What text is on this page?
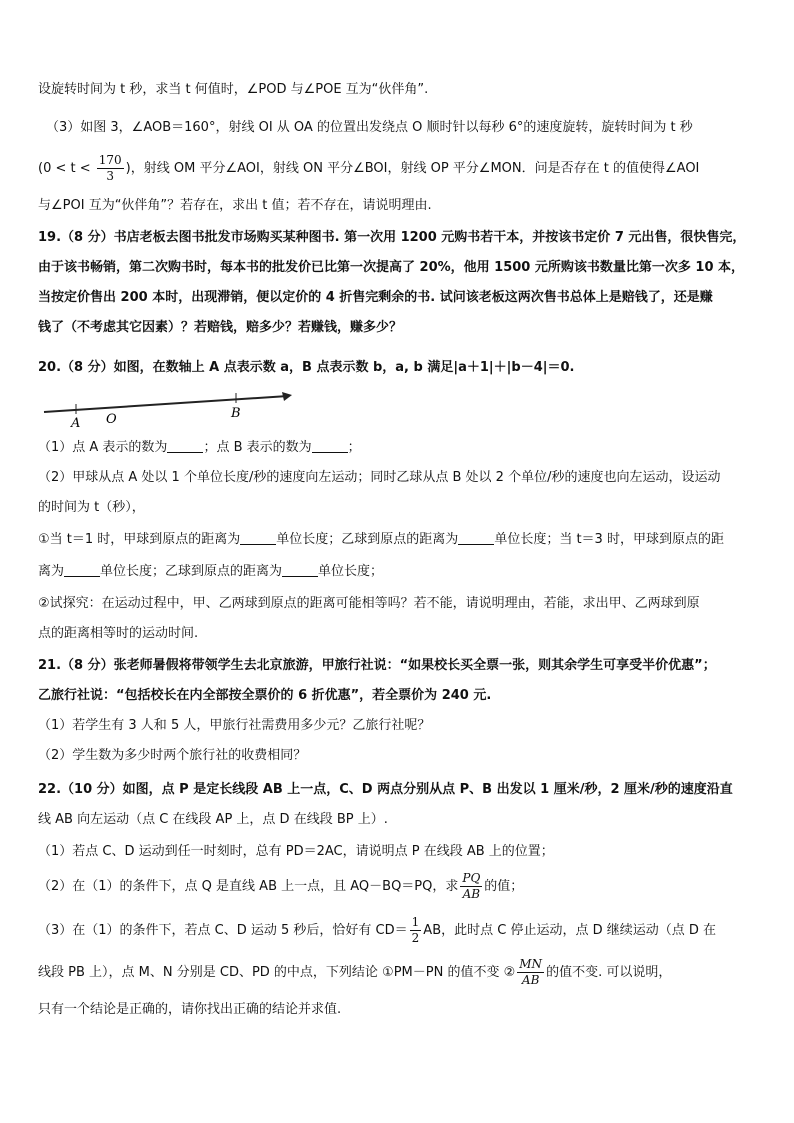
设旋转时间为 t 秒，求当 t 何值时，∠POD 与∠POE 互为“伙伴角”.
（3）如图 3，∠AOB＝160°，射线 OI 从 OA 的位置出发绕点 O 顺时针以每秒 6°的速度旋转，旋转时间为 t 秒
($0 < t < \frac{170}{3}$ )，射线 OM 平分∠AOI，射线 ON 平分∠BOI，射线 OP 平分∠MON．问是否存在 t 的值使得∠AOI
与∠POI 互为“伙伴角”？若存在，求出 t 值；若不存在，请说明理由.
19.（8 分）书店老板去图书批发市场购买某种图书. 第一次用 1200 元购书若干本，并按该书定价 7 元出售，很快售完，
由于该书畅销，第二次购书时，每本书的批发价已比第一次提高了 20%，他用 1500 元所购该书数量比第一次多 10 本，
当按定价售出 200 本时，出现滞销，便以定价的 4 折售完剩余的书. 试问该老板这两次售书总体上是赔钱了，还是赚
钱了（不考虑其它因素）？若赔钱，赔多少？若赚钱，赚多少？
20.（8 分）如图，在数轴上 A 点表示数 a，B 点表示数 b，a, b 满足|a＋1|＋|b－4|＝0.
A O	B
（1）点 A 表示的数为	；点 B 表示的数为	；
（2）甲球从点 A 处以 1 个单位长度/秒的速度向左运动；同时乙球从点 B 处以 2 个单位/秒的速度也向左运动，设运动
的时间为 t（秒），
①当 t＝1 时，甲球到原点的距离为	单位长度；乙球到原点的距离为	单位长度；当 t＝3 时，甲球到原点的距
离为	单位长度；乙球到原点的距离为	单位长度；
②试探究：在运动过程中，甲、乙两球到原点的距离可能相等吗？若不能，请说明理由，若能，求出甲、乙两球到原
点的距离相等时的运动时间.
21.（8 分）张老师暑假将带领学生去北京旅游，甲旅行社说：“如果校长买全票一张，则其余学生可享受半价优惠”；
乙旅行社说：“包括校长在内全部按全票价的 6 折优惠”，若全票价为 240 元.
（1）若学生有 3 人和 5 人，甲旅行社需费用多少元？乙旅行社呢？
（2）学生数为多少时两个旅行社的收费相同？
22.（10 分）如图，点 P 是定长线段 AB 上一点，C、D 两点分别从点 P、B 出发以 1 厘米/秒，2 厘米/秒的速度沿直
线 AB 向左运动（点 C 在线段 AP 上，点 D 在线段 BP 上）.
（1）若点 C、D 运动到任一时刻时，总有 PD＝2AC，请说明点 P 在线段 AB 上的位置；
（2）在（1）的条件下，点 Q 是直线 AB 上一点，且 AQ－BQ＝PQ，求 $\frac{PQ}{AB}$ 的值；
（3）在（1）的条件下，若点 C、D 运动 5 秒后，恰好有 $CD= \frac{1}{2}$ AB，此时点 C 停止运动，点 D 继续运动（点 D 在
线段 PB 上），点 M、N 分别是 CD、PD 的中点，下列结论 ①PM－PN 的值不变 ② $\frac{MN}{AB}$ 的值不变. 可以说明，
只有一个结论是正确的，请你找出正确的结论并求值.
